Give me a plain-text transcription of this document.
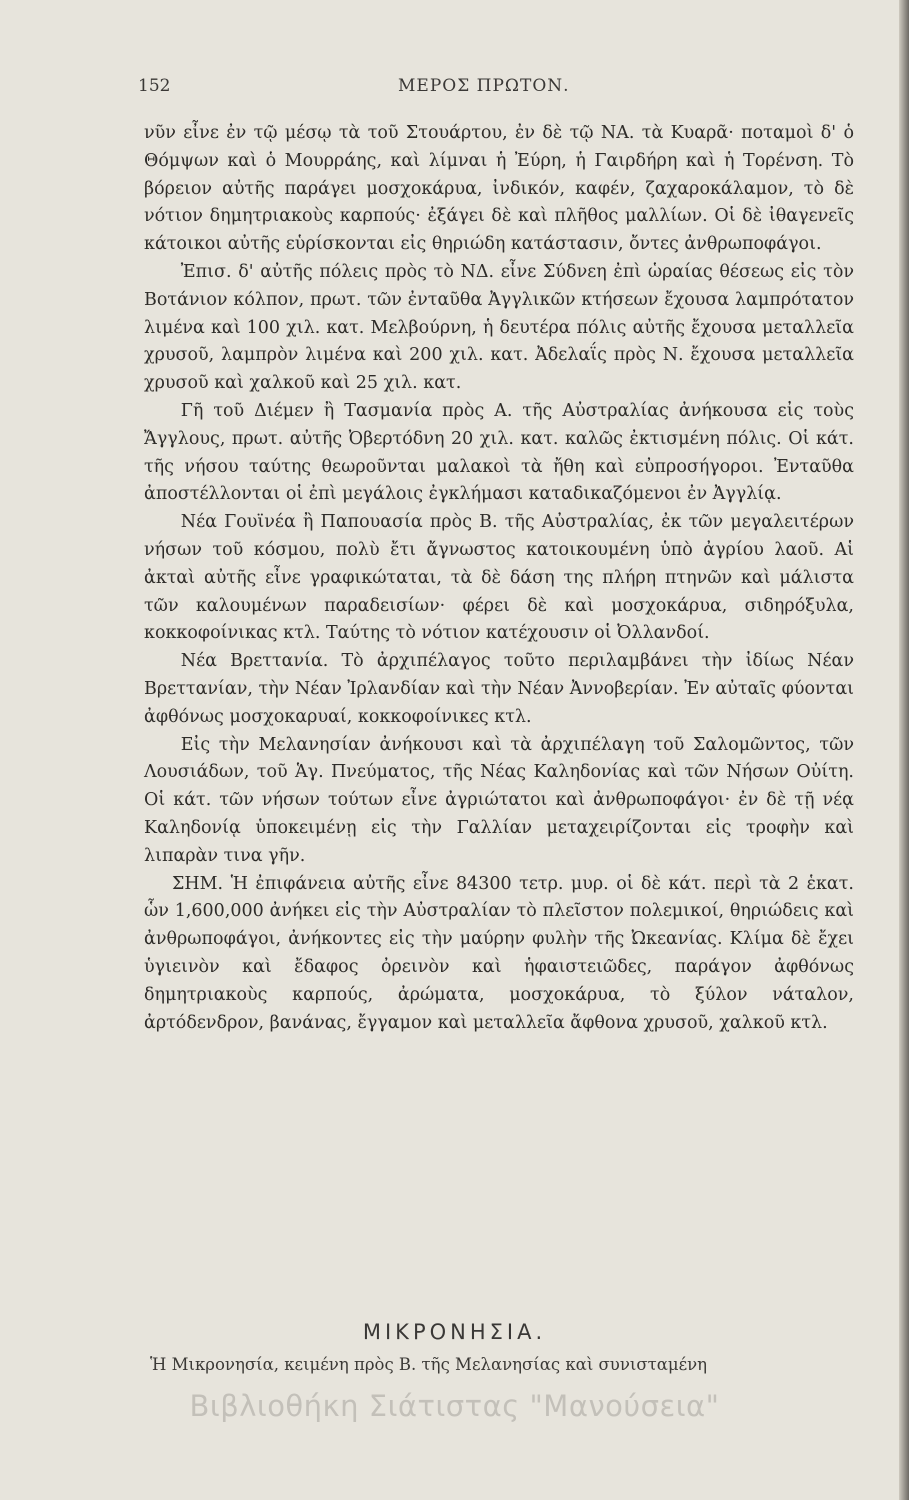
152	ΜΕΡΟΣ ΠΡΩΤΟΝ.

νῦν εἶνε ἐν τῷ μέσῳ τὰ τοῦ Στουάρτου, ἐν δὲ τῷ ΝΑ. τὰ Κυαρᾶ· ποταμοὶ δ' ὁ Θόμψων καὶ ὁ Μουρράης, καὶ λίμναι ἡ Ἐύρη, ἡ Γαιρδήρη καὶ ἡ Τορένση. Τὸ βόρειον αὐτῆς παράγει μοσχοκάρυα, ἰνδικόν, καφέν, ζαχαροκάλαμον, τὸ δὲ νότιον δημητριακοὺς καρπούς· ἐξάγει δὲ καὶ πλῆθος μαλλίων. Οἱ δὲ ἰθαγενεῖς κάτοικοι αὐτῆς εὑρίσκονται εἰς θηριώδη κατάστασιν, ὄντες ἀνθρωποφάγοι.

Ἐπισ. δ' αὐτῆς πόλεις πρὸς τὸ ΝΔ. εἶνε Σύδνεη ἐπὶ ὡραίας θέσεως εἰς τὸν Βοτάνιον κόλπον, πρωτ. τῶν ἐνταῦθα Ἀγγλικῶν κτήσεων ἔχουσα λαμπρότατον λιμένα καὶ 100 χιλ. κατ. Μελβούρνη, ἡ δευτέρα πόλις αὐτῆς ἔχουσα μεταλλεῖα χρυσοῦ, λαμπρὸν λιμένα καὶ 200 χιλ. κατ. Ἀδελαΐς πρὸς Ν. ἔχουσα μεταλλεῖα χρυσοῦ καὶ χαλκοῦ καὶ 25 χιλ. κατ.

Γῆ τοῦ Διέμεν ἢ Τασμανία πρὸς Α. τῆς Αὐστραλίας ἀνήκουσα εἰς τοὺς Ἄγγλους, πρωτ. αὐτῆς Ὀβερτόδνη 20 χιλ. κατ. καλῶς ἐκτισμένη πόλις. Οἱ κάτ. τῆς νήσου ταύτης θεωροῦνται μαλακοὶ τὰ ἤθη καὶ εὐπροσήγοροι. Ἐνταῦθα ἀποστέλλονται οἱ ἐπὶ μεγάλοις ἐγκλήμασι καταδικαζόμενοι ἐν Ἀγγλίᾳ.

Νέα Γουϊνέα ἢ Παπουασία πρὸς Β. τῆς Αὐστραλίας, ἐκ τῶν μεγαλειτέρων νήσων τοῦ κόσμου, πολὺ ἔτι ἄγνωστος κατοικουμένη ὑπὸ ἀγρίου λαοῦ. Αἱ ἀκταὶ αὐτῆς εἶνε γραφικώταται, τὰ δὲ δάση της πλήρη πτηνῶν καὶ μάλιστα τῶν καλουμένων παραδεισίων· φέρει δὲ καὶ μοσχοκάρυα, σιδηρόξυλα, κοκκοφοίνικας κτλ. Ταύτης τὸ νότιον κατέχουσιν οἱ Ὀλλανδοί.

Νέα Βρεττανία. Τὸ ἀρχιπέλαγος τοῦτο περιλαμβάνει τὴν ἰδίως Νέαν Βρεττανίαν, τὴν Νέαν Ἰρλανδίαν καὶ τὴν Νέαν Ἀννοβερίαν. Ἐν αὐταῖς φύονται ἀφθόνως μοσχοκαρυαί, κοκκοφοίνικες κτλ.

Εἰς τὴν Μελανησίαν ἀνήκουσι καὶ τὰ ἀρχιπέλαγη τοῦ Σαλομῶντος, τῶν Λουσιάδων, τοῦ Ἁγ. Πνεύματος, τῆς Νέας Καληδονίας καὶ τῶν Νήσων Οὐίτη. Οἱ κάτ. τῶν νήσων τούτων εἶνε ἀγριώτατοι καὶ ἀνθρωποφάγοι· ἐν δὲ τῇ νέᾳ Καληδονίᾳ ὑποκειμένῃ εἰς τὴν Γαλλίαν μεταχειρίζονται εἰς τροφὴν καὶ λιπαρὰν τινα γῆν.

ΣΗΜ. Ἡ ἐπιφάνεια αὐτῆς εἶνε 84300 τετρ. μυρ. οἱ δὲ κάτ. περὶ τὰ 2 ἑκατ. ὧν 1,600,000 ἀνήκει εἰς τὴν Αὐστραλίαν τὸ πλεῖστον πολεμικοί, θηριώδεις καὶ ἀνθρωποφάγοι, ἀνήκοντες εἰς τὴν μαύρην φυλὴν τῆς Ὠκεανίας. Κλίμα δὲ ἔχει ὑγιεινὸν καὶ ἔδαφος ὀρεινὸν καὶ ἡφαιστειῶδες, παράγον ἀφθόνως δημητριακοὺς καρπούς, ἀρώματα, μοσχοκάρυα, τὸ ξύλον νάταλον, ἀρτόδενδρον, βανάνας, ἔγγαμον καὶ μεταλλεῖα ἄφθονα χρυσοῦ, χαλκοῦ κτλ.

ΜΙΚΡΟΝΗΣΙΑ.
Ἡ Μικρονησία, κειμένη πρὸς Β. τῆς Μελανησίας καὶ συνισταμένη
Βιβλιοθήκη Σιάτιστας "Μανούσεια"
